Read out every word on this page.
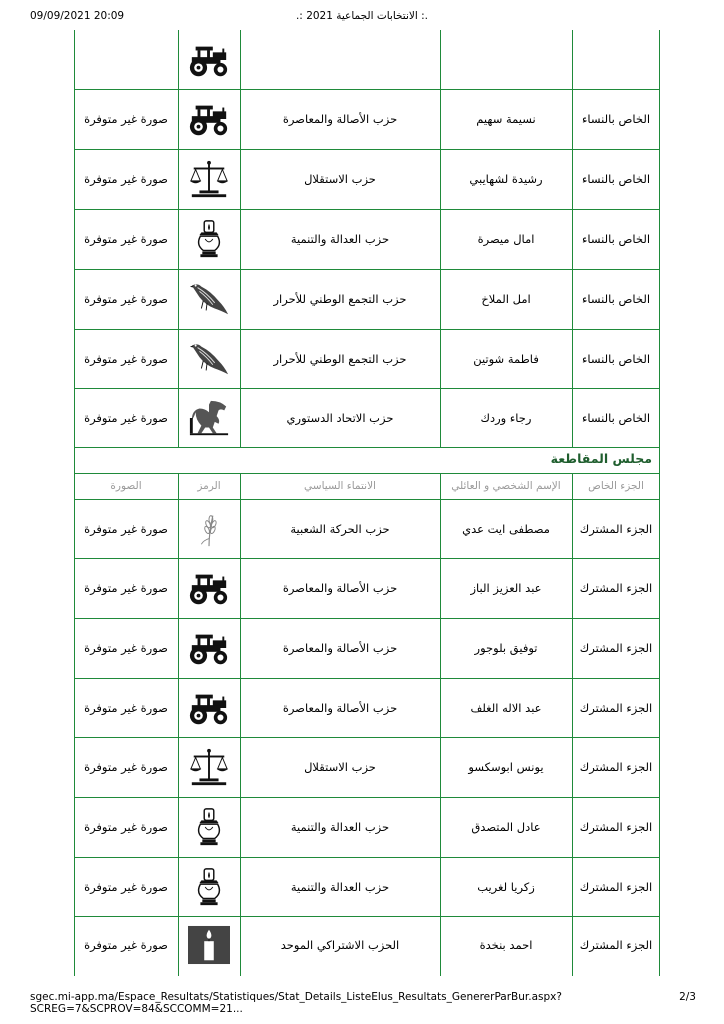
09/09/2021 20:09	.: الانتخابات الجماعية 2021 :.
sgec.mi-app.ma/Espace_Resultats/Statistiques/Stat_Details_ListeElus_Resultats_GenererParBur.aspx?SCREG=7&SCPROV=84&SCCOMM=21...
2/3
الخاص بالنساء
نسيمة سهيم
حزب الأصالة والمعاصرة
صورة غير متوفرة
الخاص بالنساء
رشيدة لشهايبي
حزب الاستقلال
صورة غير متوفرة
الخاص بالنساء
امال ميصرة
حزب العدالة والتنمية
صورة غير متوفرة
الخاص بالنساء
امل الملاخ
حزب التجمع الوطني للأحرار
صورة غير متوفرة
الخاص بالنساء
فاطمة شوتين
حزب التجمع الوطني للأحرار
صورة غير متوفرة
الخاص بالنساء
رجاء وردك
حزب الاتحاد الدستوري
صورة غير متوفرة
مجلس المقاطعة
الجزء الخاص
الإسم الشخصي و العائلي
الانتماء السياسي
الرمز
الصورة
الجزء المشترك
مصطفى ايت عدي
حزب الحركة الشعبية
صورة غير متوفرة
الجزء المشترك
عبد العزيز الباز
حزب الأصالة والمعاصرة
صورة غير متوفرة
الجزء المشترك
توفيق بلوجور
حزب الأصالة والمعاصرة
صورة غير متوفرة
الجزء المشترك
عبد الاله الغلف
حزب الأصالة والمعاصرة
صورة غير متوفرة
الجزء المشترك
يونس ابوسكسو
حزب الاستقلال
صورة غير متوفرة
الجزء المشترك
عادل المتصدق
حزب العدالة والتنمية
صورة غير متوفرة
الجزء المشترك
زكريا لغريب
حزب العدالة والتنمية
صورة غير متوفرة
الجزء المشترك
احمد بنخدة
الحزب الاشتراكي الموحد
صورة غير متوفرة
